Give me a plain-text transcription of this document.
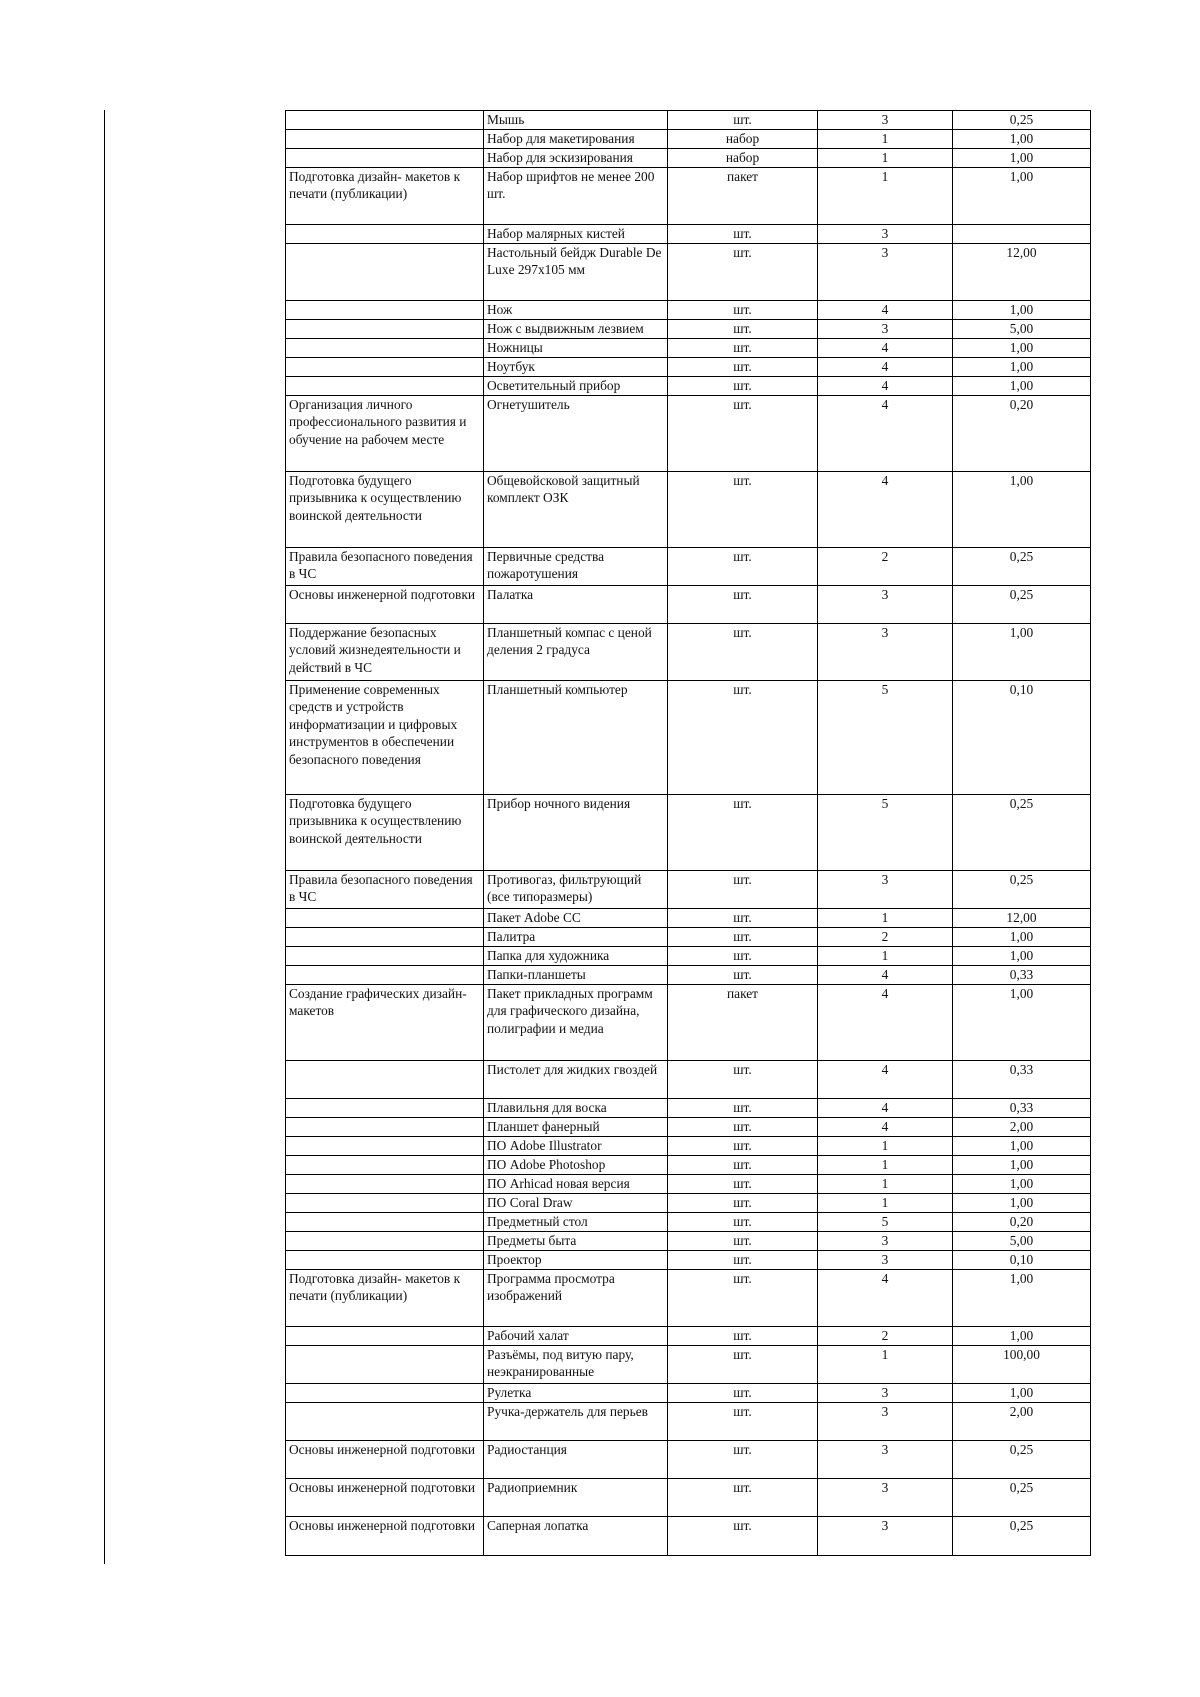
	Мышь	шт.	3	0,25
	Набор для макетирования	набор	1	1,00
	Набор для эскизирования	набор	1	1,00
Подготовка дизайн- макетов к печати (публикации)	Набор шрифтов не менее 200 шт.	пакет	1	1,00
	Набор малярных кистей	шт.	3	
	Настольный бейдж Durable De Luxe 297x105 мм	шт.	3	12,00
	Нож	шт.	4	1,00
	Нож с выдвижным лезвием	шт.	3	5,00
	Ножницы	шт.	4	1,00
	Ноутбук	шт.	4	1,00
	Осветительный прибор	шт.	4	1,00
Организация личного профессионального развития и обучение на рабочем месте	Огнетушитель	шт.	4	0,20
Подготовка будущего призывника к осуществлению воинской деятельности	Общевойсковой защитный комплект ОЗК	шт.	4	1,00
Правила безопасного поведения в ЧС	Первичные средства пожаротушения	шт.	2	0,25
Основы инженерной подготовки	Палатка	шт.	3	0,25
Поддержание безопасных условий жизнедеятельности и действий в ЧС	Планшетный компас с ценой деления 2 градуса	шт.	3	1,00
Применение современных средств и устройств информатизации и цифровых инструментов в обеспечении безопасного поведения	Планшетный компьютер	шт.	5	0,10
Подготовка будущего призывника к осуществлению воинской деятельности	Прибор ночного видения	шт.	5	0,25
Правила безопасного поведения в ЧС	Противогаз, фильтрующий (все типоразмеры)	шт.	3	0,25
	Пакет Adobe CC	шт.	1	12,00
	Палитра	шт.	2	1,00
	Папка для художника	шт.	1	1,00
	Папки-планшеты	шт.	4	0,33
Создание графических дизайн-макетов	Пакет прикладных программ для графического дизайна, полиграфии и медиа	пакет	4	1,00
	Пистолет для жидких гвоздей	шт.	4	0,33
	Плавильня для воска	шт.	4	0,33
	Планшет фанерный	шт.	4	2,00
	ПО Adobe Illustrator	шт.	1	1,00
	ПО Adobe Photoshop	шт.	1	1,00
	ПО Arhicad новая версия	шт.	1	1,00
	ПО Coral Draw	шт.	1	1,00
	Предметный стол	шт.	5	0,20
	Предметы быта	шт.	3	5,00
	Проектор	шт.	3	0,10
Подготовка дизайн- макетов к печати (публикации)	Программа просмотра изображений	шт.	4	1,00
	Рабочий халат	шт.	2	1,00
	Разъёмы, под витую пару, неэкранированные	шт.	1	100,00
	Рулетка	шт.	3	1,00
	Ручка-держатель для перьев	шт.	3	2,00
Основы инженерной подготовки	Радиостанция	шт.	3	0,25
Основы инженерной подготовки	Радиоприемник	шт.	3	0,25
Основы инженерной подготовки	Саперная лопатка	шт.	3	0,25
